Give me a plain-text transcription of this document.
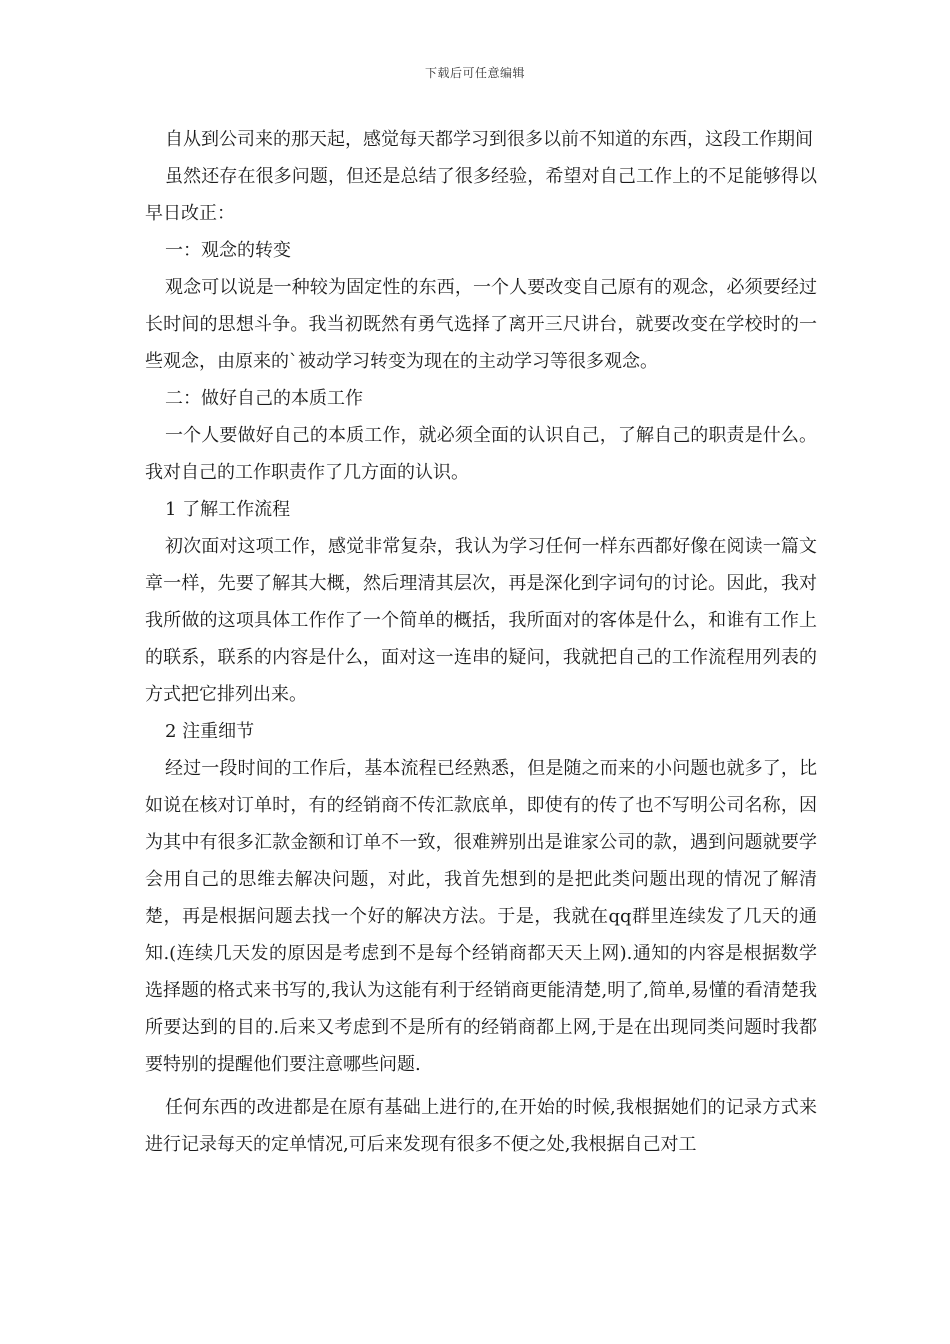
下载后可任意编辑

自从到公司来的那天起，感觉每天都学习到很多以前不知道的东西，这段工作期间

虽然还存在很多问题，但还是总结了很多经验，希望对自己工作上的不足能够得以早日改正：

一：观念的转变

观念可以说是一种较为固定性的东西，一个人要改变自己原有的观念，必须要经过长时间的思想斗争。我当初既然有勇气选择了离开三尺讲台，就要改变在学校时的一些观念，由原来的`被动学习转变为现在的主动学习等很多观念。

二：做好自己的本质工作

一个人要做好自己的本质工作，就必须全面的认识自己，了解自己的职责是什么。我对自己的工作职责作了几方面的认识。

1 了解工作流程

初次面对这项工作，感觉非常复杂，我认为学习任何一样东西都好像在阅读一篇文章一样，先要了解其大概，然后理清其层次，再是深化到字词句的讨论。因此，我对我所做的这项具体工作作了一个简单的概括，我所面对的客体是什么，和谁有工作上的联系，联系的内容是什么，面对这一连串的疑问，我就把自己的工作流程用列表的方式把它排列出来。

2 注重细节

经过一段时间的工作后，基本流程已经熟悉，但是随之而来的小问题也就多了，比如说在核对订单时，有的经销商不传汇款底单，即使有的传了也不写明公司名称，因为其中有很多汇款金额和订单不一致，很难辨别出是谁家公司的款，遇到问题就要学会用自己的思维去解决问题，对此，我首先想到的是把此类问题出现的情况了解清楚，再是根据问题去找一个好的解决方法。于是，我就在qq群里连续发了几天的通知.(连续几天发的原因是考虑到不是每个经销商都天天上网).通知的内容是根据数学选择题的格式来书写的,我认为这能有利于经销商更能清楚,明了,简单,易懂的看清楚我所要达到的目的.后来又考虑到不是所有的经销商都上网,于是在出现同类问题时我都要特别的提醒他们要注意哪些问题.

任何东西的改进都是在原有基础上进行的,在开始的时候,我根据她们的记录方式来进行记录每天的定单情况,可后来发现有很多不便之处,我根据自己对工
